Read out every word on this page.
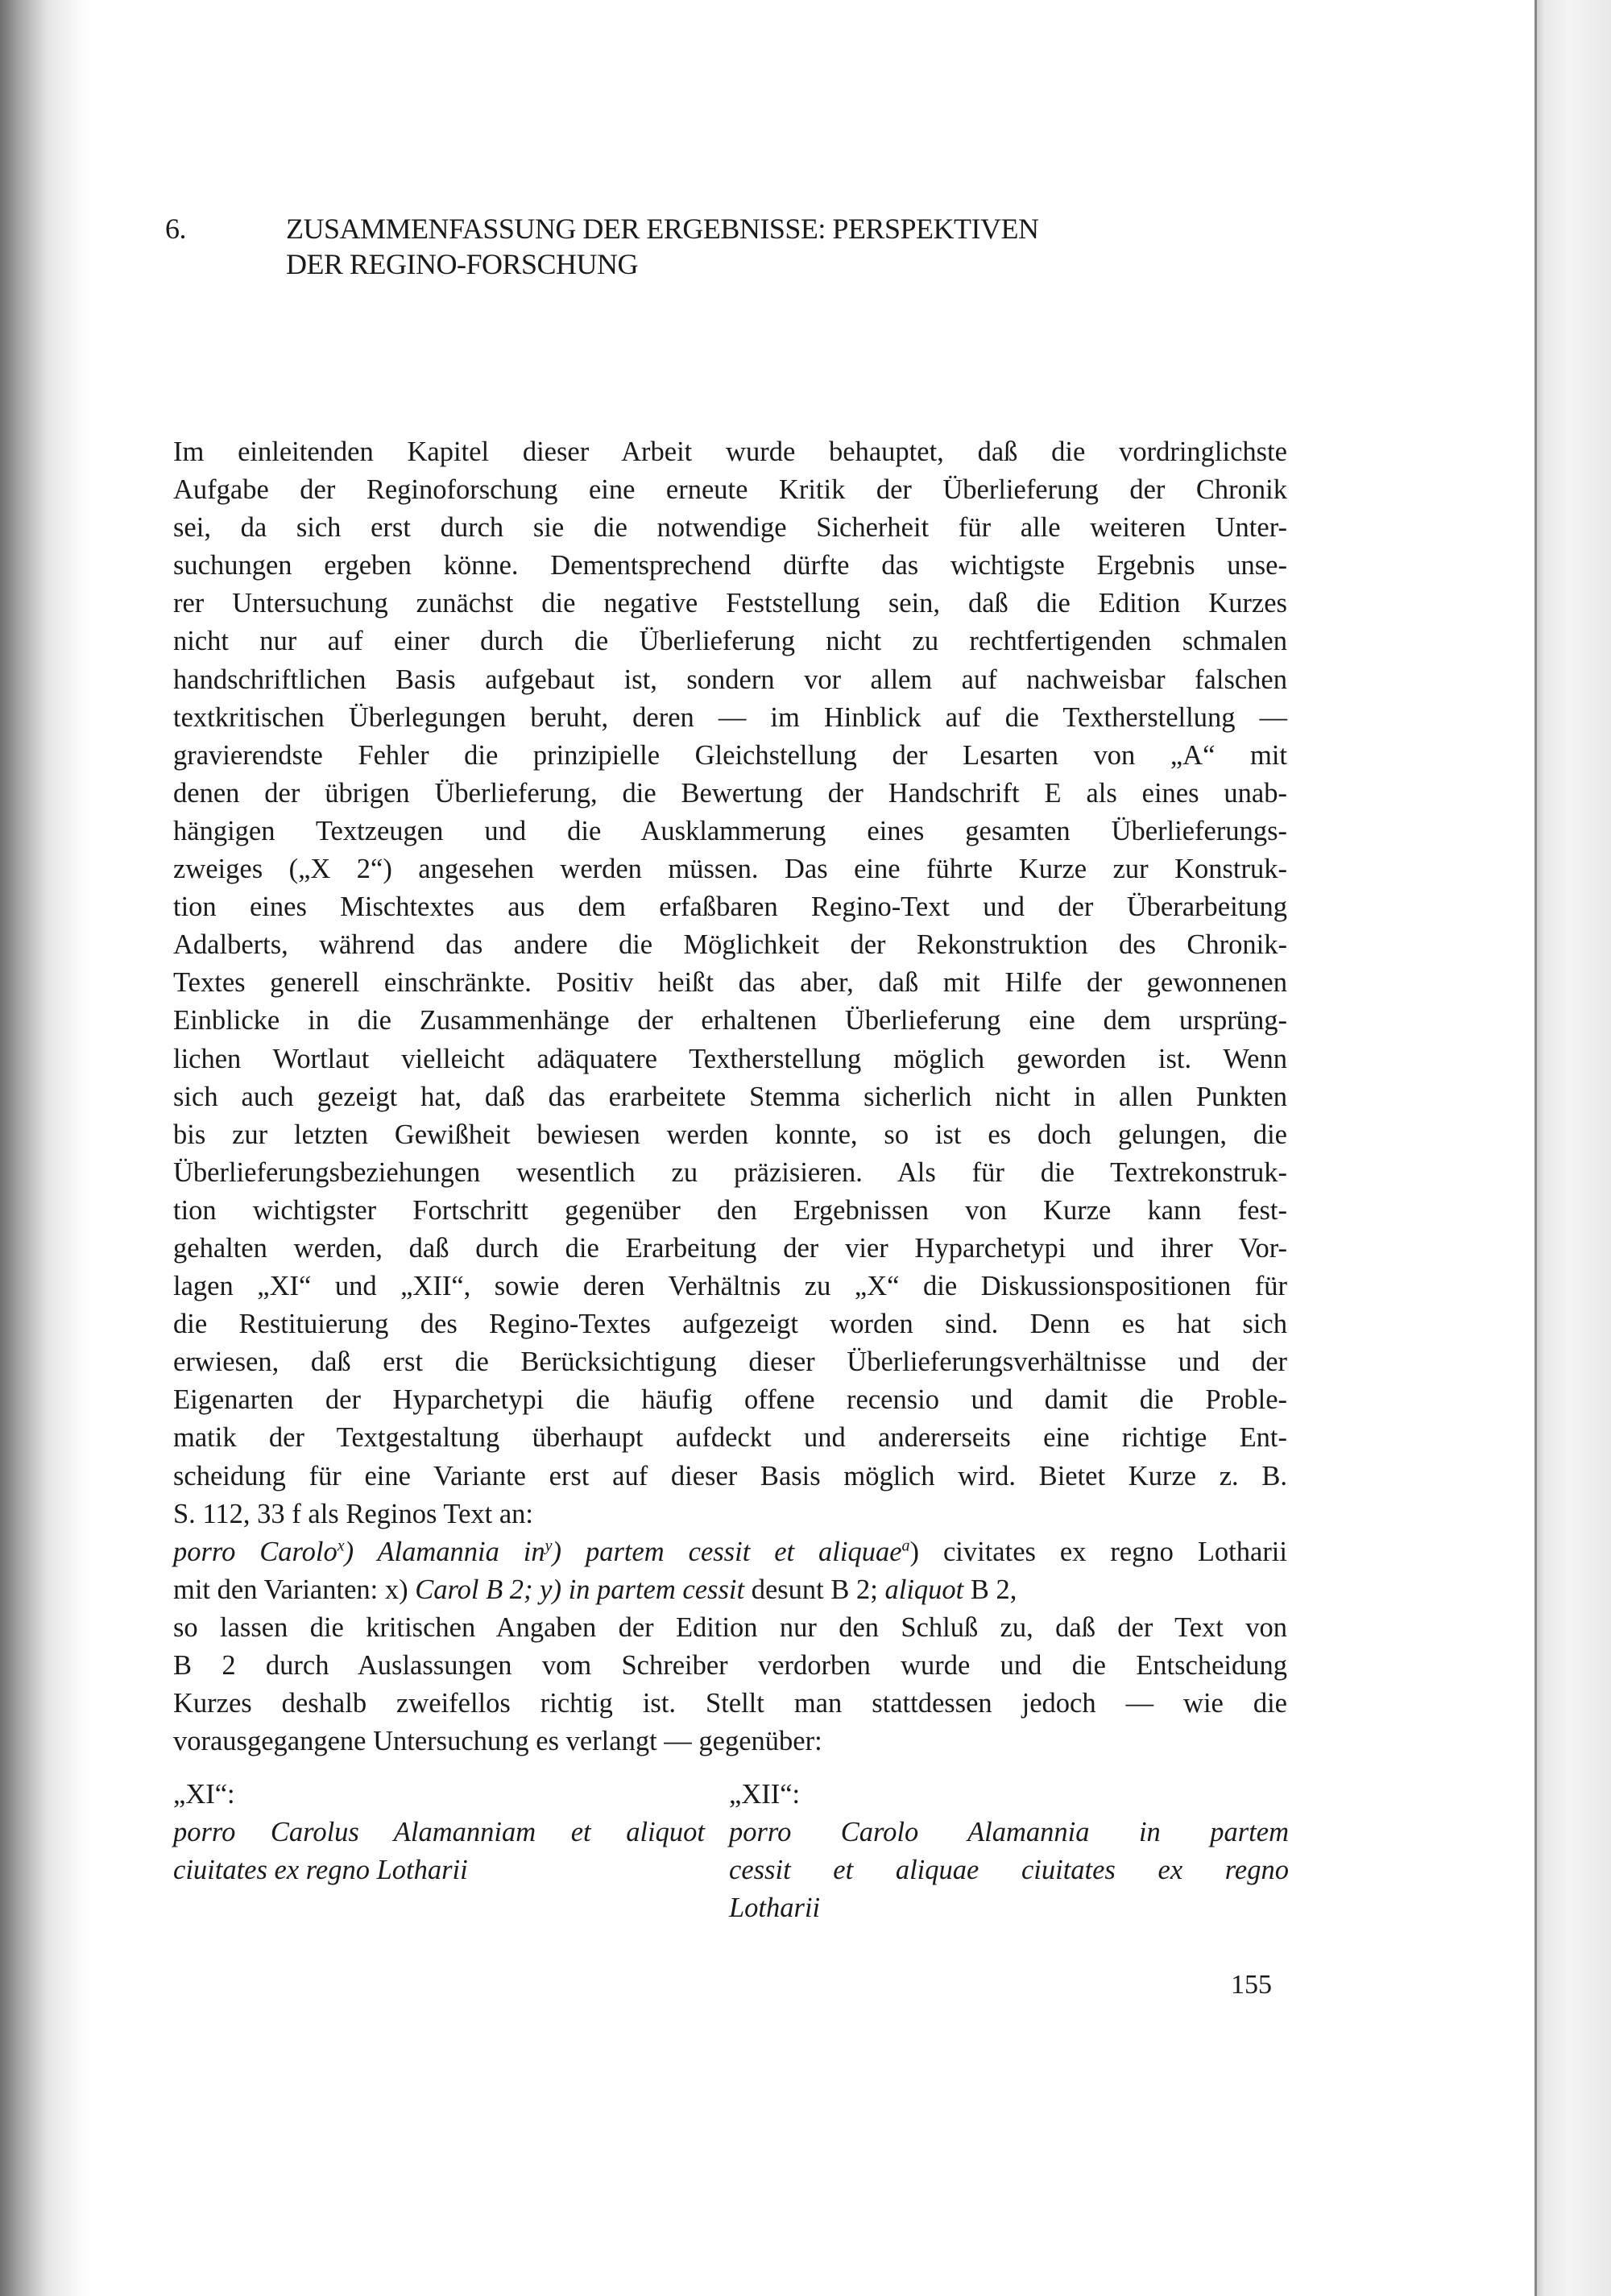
6.	ZUSAMMENFASSUNG DER ERGEBNISSE: PERSPEKTIVEN
DER REGINO-FORSCHUNG
Im einleitenden Kapitel dieser Arbeit wurde behauptet, daß die vordringlichste
Aufgabe der Reginoforschung eine erneute Kritik der Überlieferung der Chronik
sei, da sich erst durch sie die notwendige Sicherheit für alle weiteren Unter-
suchungen ergeben könne. Dementsprechend dürfte das wichtigste Ergebnis unse-
rer Untersuchung zunächst die negative Feststellung sein, daß die Edition Kurzes
nicht nur auf einer durch die Überlieferung nicht zu rechtfertigenden schmalen
handschriftlichen Basis aufgebaut ist, sondern vor allem auf nachweisbar falschen
textkritischen Überlegungen beruht, deren — im Hinblick auf die Textherstellung —
gravierendste Fehler die prinzipielle Gleichstellung der Lesarten von „A“ mit
denen der übrigen Überlieferung, die Bewertung der Handschrift E als eines unab-
hängigen Textzeugen und die Ausklammerung eines gesamten Überlieferungs-
zweiges („X 2“) angesehen werden müssen. Das eine führte Kurze zur Konstruk-
tion eines Mischtextes aus dem erfaßbaren Regino-Text und der Überarbeitung
Adalberts, während das andere die Möglichkeit der Rekonstruktion des Chronik-
Textes generell einschränkte. Positiv heißt das aber, daß mit Hilfe der gewonnenen
Einblicke in die Zusammenhänge der erhaltenen Überlieferung eine dem ursprüng-
lichen Wortlaut vielleicht adäquatere Textherstellung möglich geworden ist. Wenn
sich auch gezeigt hat, daß das erarbeitete Stemma sicherlich nicht in allen Punkten
bis zur letzten Gewißheit bewiesen werden konnte, so ist es doch gelungen, die
Überlieferungsbeziehungen wesentlich zu präzisieren. Als für die Textrekonstruk-
tion wichtigster Fortschritt gegenüber den Ergebnissen von Kurze kann fest-
gehalten werden, daß durch die Erarbeitung der vier Hyparchetypi und ihrer Vor-
lagen „XI“ und „XII“, sowie deren Verhältnis zu „X“ die Diskussionspositionen für
die Restituierung des Regino-Textes aufgezeigt worden sind. Denn es hat sich
erwiesen, daß erst die Berücksichtigung dieser Überlieferungsverhältnisse und der
Eigenarten der Hyparchetypi die häufig offene recensio und damit die Proble-
matik der Textgestaltung überhaupt aufdeckt und andererseits eine richtige Ent-
scheidung für eine Variante erst auf dieser Basis möglich wird. Bietet Kurze z. B.
S. 112, 33 f als Reginos Text an:
porro Carolo$^x$) Alamannia $in^y$) partem cessit et aliquae$^a$) civitates ex regno Lotharii
mit den Varianten: x) Carol B 2; y) in partem cessit desunt B 2; aliquot B 2,
so lassen die kritischen Angaben der Edition nur den Schluß zu, daß der Text von
B 2 durch Auslassungen vom Schreiber verdorben wurde und die Entscheidung
Kurzes deshalb zweifellos richtig ist. Stellt man stattdessen jedoch — wie die
vorausgegangene Untersuchung es verlangt — gegenüber:
„XI“:
porro Carolus Alamanniam et aliquot
ciuitates ex regno Lotharii
„XII“:
porro Carolo Alamannia in partem
cessit et aliquae ciuitates ex regno
Lotharii
155
